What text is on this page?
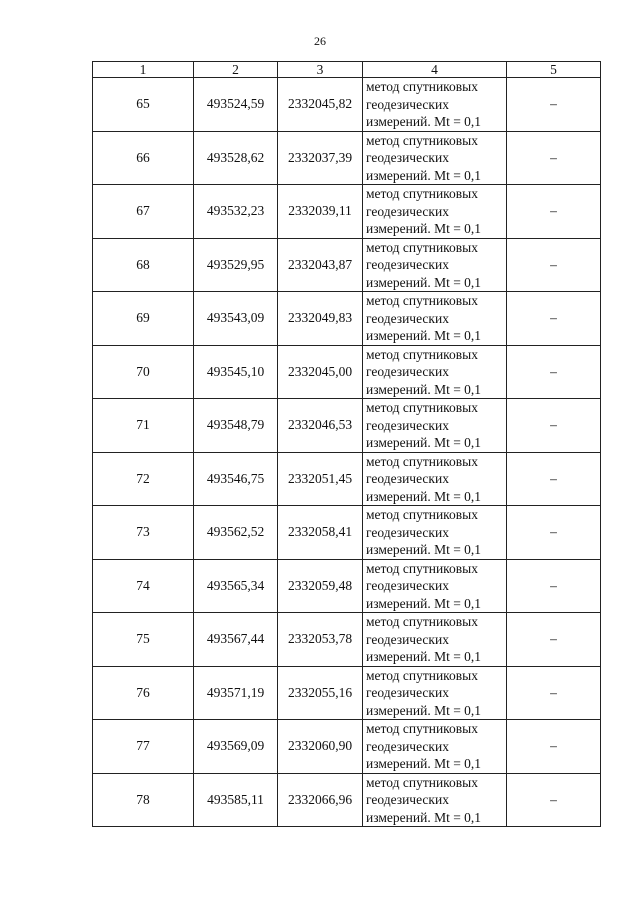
26
1	2	3	4	5
65	493524,59	2332045,82	метод спутниковых
геодезических
измерений. Mt = 0,1	–
66	493528,62	2332037,39	метод спутниковых
геодезических
измерений. Mt = 0,1	–
67	493532,23	2332039,11	метод спутниковых
геодезических
измерений. Mt = 0,1	–
68	493529,95	2332043,87	метод спутниковых
геодезических
измерений. Mt = 0,1	–
69	493543,09	2332049,83	метод спутниковых
геодезических
измерений. Mt = 0,1	–
70	493545,10	2332045,00	метод спутниковых
геодезических
измерений. Mt = 0,1	–
71	493548,79	2332046,53	метод спутниковых
геодезических
измерений. Mt = 0,1	–
72	493546,75	2332051,45	метод спутниковых
геодезических
измерений. Mt = 0,1	–
73	493562,52	2332058,41	метод спутниковых
геодезических
измерений. Mt = 0,1	–
74	493565,34	2332059,48	метод спутниковых
геодезических
измерений. Mt = 0,1	–
75	493567,44	2332053,78	метод спутниковых
геодезических
измерений. Mt = 0,1	–
76	493571,19	2332055,16	метод спутниковых
геодезических
измерений. Mt = 0,1	–
77	493569,09	2332060,90	метод спутниковых
геодезических
измерений. Mt = 0,1	–
78	493585,11	2332066,96	метод спутниковых
геодезических
измерений. Mt = 0,1	–
